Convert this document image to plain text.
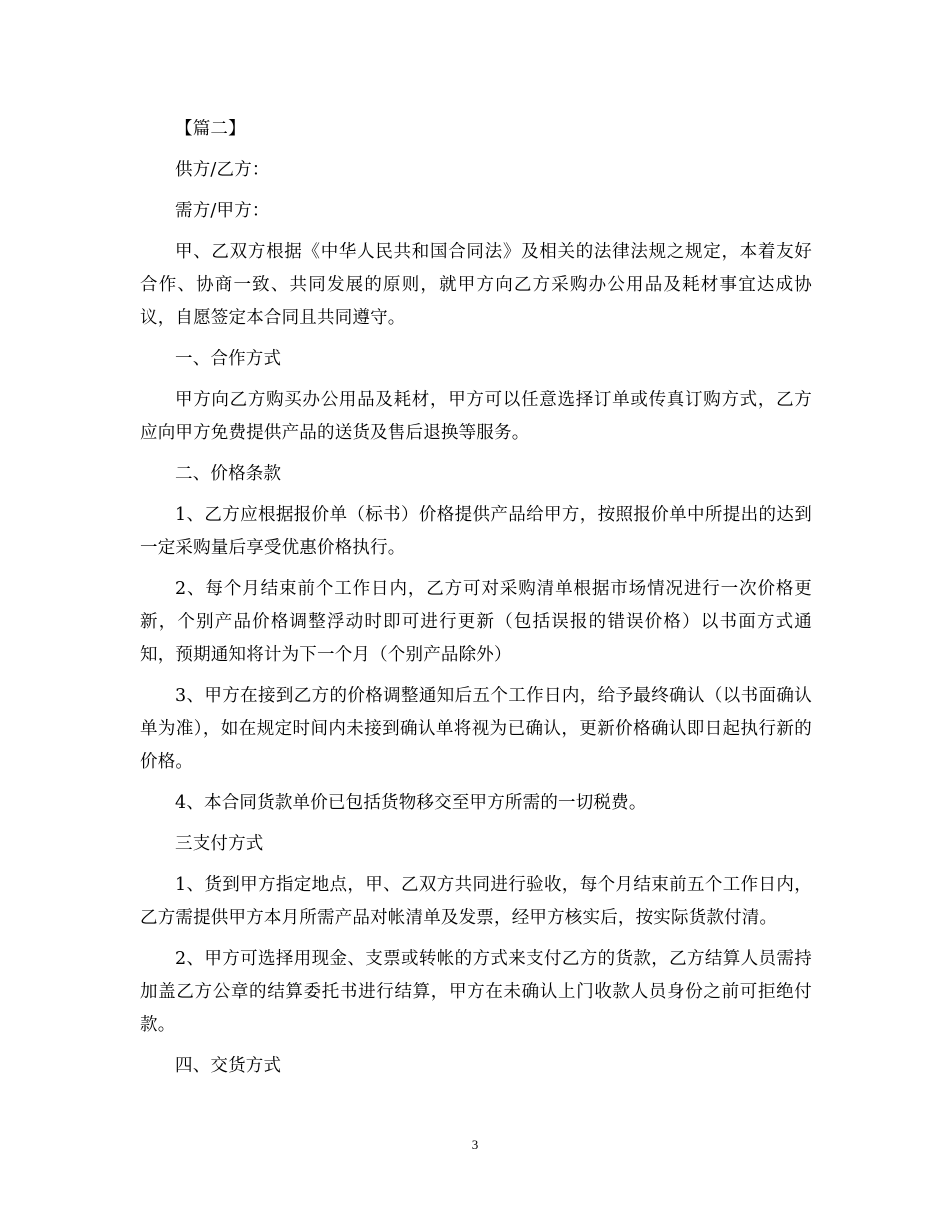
【篇二】

供方/乙方：

需方/甲方：

甲、乙双方根据《中华人民共和国合同法》及相关的法律法规之规定，本着友好合作、协商一致、共同发展的原则，就甲方向乙方采购办公用品及耗材事宜达成协议，自愿签定本合同且共同遵守。

一、合作方式

甲方向乙方购买办公用品及耗材，甲方可以任意选择订单或传真订购方式，乙方应向甲方免费提供产品的送货及售后退换等服务。

二、价格条款

1、乙方应根据报价单（标书）价格提供产品给甲方，按照报价单中所提出的达到一定采购量后享受优惠价格执行。

2、每个月结束前个工作日内，乙方可对采购清单根据市场情况进行一次价格更新，个别产品价格调整浮动时即可进行更新（包括误报的错误价格）以书面方式通知，预期通知将计为下一个月（个别产品除外）

3、甲方在接到乙方的价格调整通知后五个工作日内，给予最终确认（以书面确认单为准），如在规定时间内未接到确认单将视为已确认，更新价格确认即日起执行新的价格。

4、本合同货款单价已包括货物移交至甲方所需的一切税费。

三支付方式

1、货到甲方指定地点，甲、乙双方共同进行验收，每个月结束前五个工作日内，乙方需提供甲方本月所需产品对帐清单及发票，经甲方核实后，按实际货款付清。

2、甲方可选择用现金、支票或转帐的方式来支付乙方的货款，乙方结算人员需持加盖乙方公章的结算委托书进行结算，甲方在未确认上门收款人员身份之前可拒绝付款。

四、交货方式

3
